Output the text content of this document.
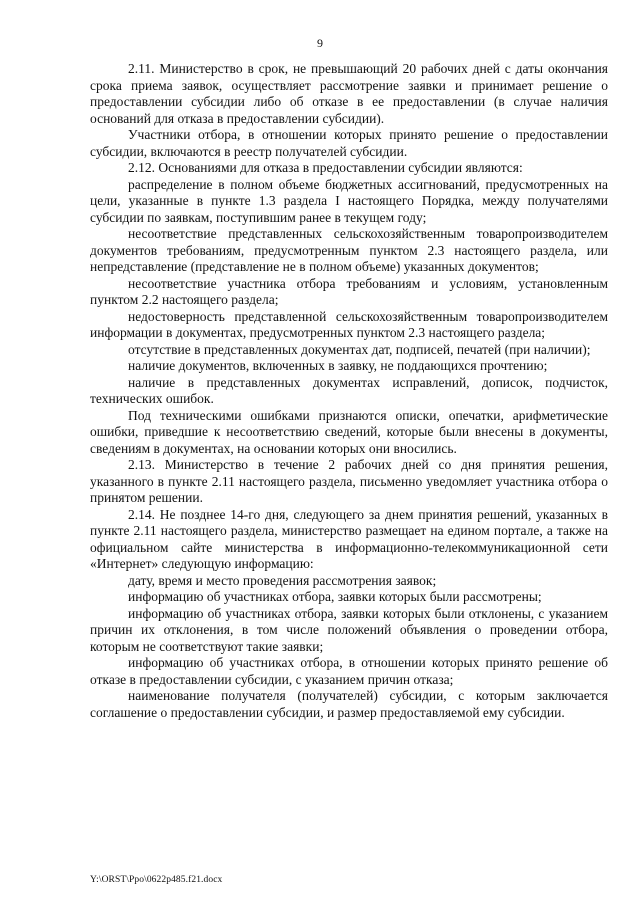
9

2.11. Министерство в срок, не превышающий 20 рабочих дней с даты окончания срока приема заявок, осуществляет рассмотрение заявки и принимает решение о предоставлении субсидии либо об отказе в ее предоставлении (в случае наличия оснований для отказа в предоставлении субсидии).

Участники отбора, в отношении которых принято решение о предоставлении субсидии, включаются в реестр получателей субсидии.

2.12. Основаниями для отказа в предоставлении субсидии являются:

распределение в полном объеме бюджетных ассигнований, предусмотренных на цели, указанные в пункте 1.3 раздела I настоящего Порядка, между получателями субсидии по заявкам, поступившим ранее в текущем году;

несоответствие представленных сельскохозяйственным товаропроизводителем документов требованиям, предусмотренным пунктом 2.3 настоящего раздела, или непредставление (представление не в полном объеме) указанных документов;

несоответствие участника отбора требованиям и условиям, установленным пунктом 2.2 настоящего раздела;

недостоверность представленной сельскохозяйственным товаропроизводителем информации в документах, предусмотренных пунктом 2.3 настоящего раздела;

отсутствие в представленных документах дат, подписей, печатей (при наличии);

наличие документов, включенных в заявку, не поддающихся прочтению;

наличие в представленных документах исправлений, дописок, подчисток, технических ошибок.

Под техническими ошибками признаются описки, опечатки, арифметические ошибки, приведшие к несоответствию сведений, которые были внесены в документы, сведениям в документах, на основании которых они вносились.

2.13. Министерство в течение 2 рабочих дней со дня принятия решения, указанного в пункте 2.11 настоящего раздела, письменно уведомляет участника отбора о принятом решении.

2.14. Не позднее 14-го дня, следующего за днем принятия решений, указанных в пункте 2.11 настоящего раздела, министерство размещает на едином портале, а также на официальном сайте министерства в информационно-телекоммуникационной сети «Интернет» следующую информацию:

дату, время и место проведения рассмотрения заявок;

информацию об участниках отбора, заявки которых были рассмотрены;

информацию об участниках отбора, заявки которых были отклонены, с указанием причин их отклонения, в том числе положений объявления о проведении отбора, которым не соответствуют такие заявки;

информацию об участниках отбора, в отношении которых принято решение об отказе в предоставлении субсидии, с указанием причин отказа;

наименование получателя (получателей) субсидии, с которым заключается соглашение о предоставлении субсидии, и размер предоставляемой ему субсидии.

Y:\ORST\Ppo\0622p485.f21.docx
